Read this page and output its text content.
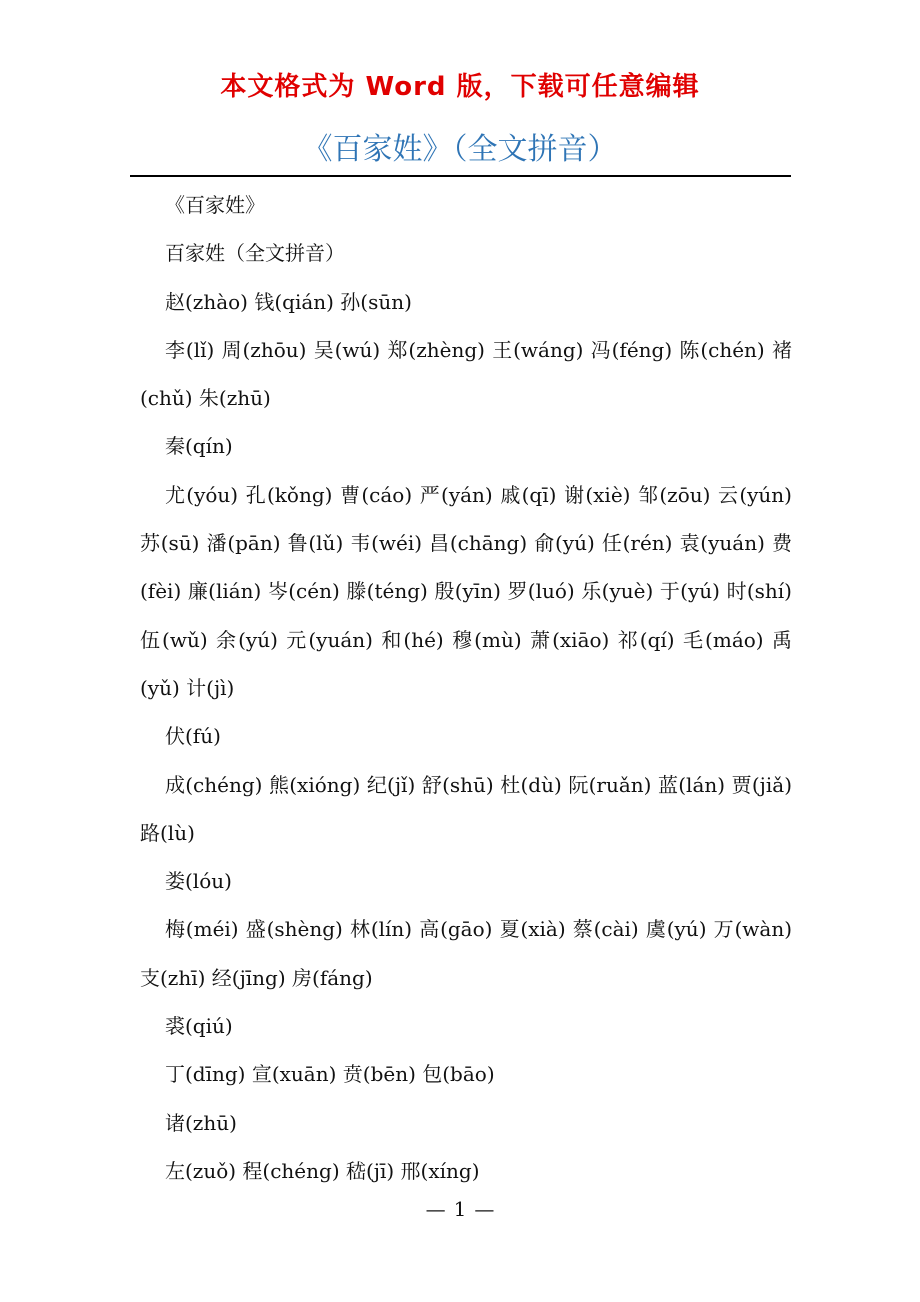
本文格式为 Word 版，下载可任意编辑
《百家姓》（全文拼音）

《百家姓》

百家姓（全文拼音）

赵(zhào) 钱(qián) 孙(sūn)

李(lǐ) 周(zhōu) 吴(wú) 郑(zhèng) 王(wáng) 冯(féng) 陈(chén) 褚(chǔ) 朱(zhū)

秦(qín)

尤(yóu) 孔(kǒng) 曹(cáo) 严(yán) 戚(qī) 谢(xiè) 邹(zōu) 云(yún) 苏(sū) 潘(pān) 鲁(lǔ) 韦(wéi) 昌(chāng) 俞(yú) 任(rén) 袁(yuán) 费(fèi) 廉(lián) 岑(cén) 滕(téng) 殷(yīn) 罗(luó) 乐(yuè) 于(yú) 时(shí) 伍(wǔ) 余(yú) 元(yuán) 和(hé) 穆(mù) 萧(xiāo) 祁(qí) 毛(máo) 禹(yǔ) 计(jì)

伏(fú)

成(chéng) 熊(xióng) 纪(jǐ) 舒(shū) 杜(dù) 阮(ruǎn) 蓝(lán) 贾(jiǎ) 路(lù)

娄(lóu)

梅(méi) 盛(shèng) 林(lín) 高(gāo) 夏(xià) 蔡(cài) 虞(yú) 万(wàn) 支(zhī) 经(jīng) 房(fáng)

裘(qiú)

丁(dīng) 宣(xuān) 贲(bēn) 包(bāo)

诸(zhū)

左(zuǒ) 程(chéng) 嵇(jī) 邢(xíng)

— 1 —
